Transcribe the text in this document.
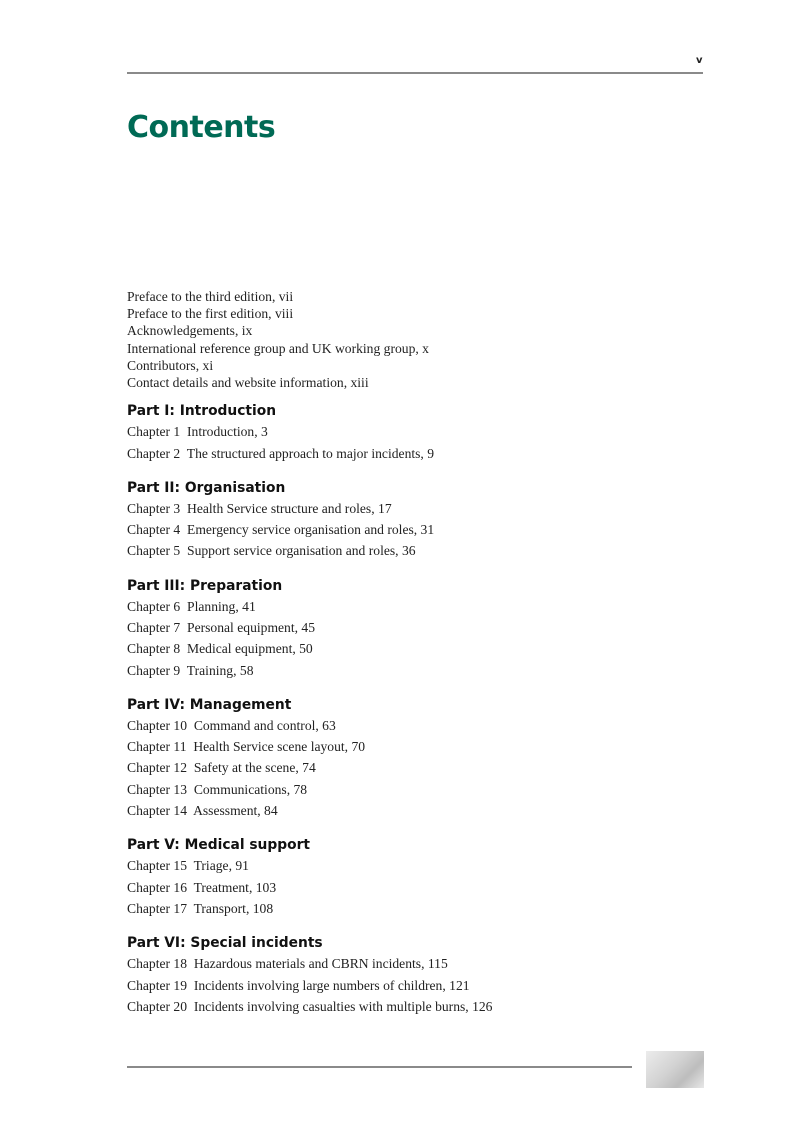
v
Contents
Preface to the third edition, vii
Preface to the first edition, viii
Acknowledgements, ix
International reference group and UK working group, x
Contributors, xi
Contact details and website information, xiii
Part I: Introduction
Chapter 1  Introduction, 3
Chapter 2  The structured approach to major incidents, 9
Part II: Organisation
Chapter 3  Health Service structure and roles, 17
Chapter 4  Emergency service organisation and roles, 31
Chapter 5  Support service organisation and roles, 36
Part III: Preparation
Chapter 6  Planning, 41
Chapter 7  Personal equipment, 45
Chapter 8  Medical equipment, 50
Chapter 9  Training, 58
Part IV: Management
Chapter 10  Command and control, 63
Chapter 11  Health Service scene layout, 70
Chapter 12  Safety at the scene, 74
Chapter 13  Communications, 78
Chapter 14  Assessment, 84
Part V: Medical support
Chapter 15  Triage, 91
Chapter 16  Treatment, 103
Chapter 17  Transport, 108
Part VI: Special incidents
Chapter 18  Hazardous materials and CBRN incidents, 115
Chapter 19  Incidents involving large numbers of children, 121
Chapter 20  Incidents involving casualties with multiple burns, 126
